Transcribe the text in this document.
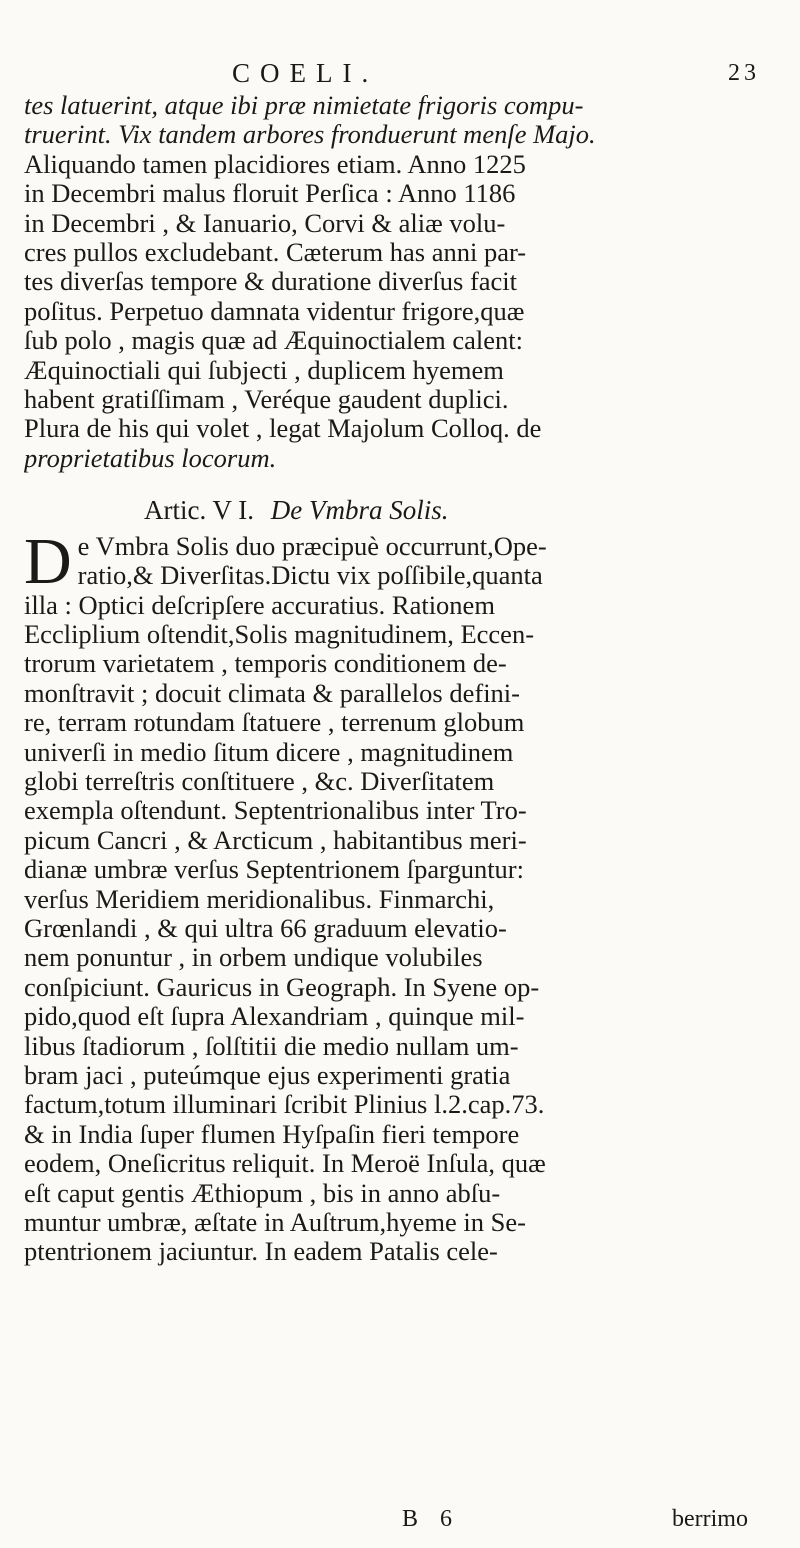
COELI.	23
tes latuerint, atque ibi præ nimietate frigoris compu-
truerint. Vix tandem arbores fronduerunt menſe Majo.
Aliquando tamen placidiores etiam. Anno 1225
in Decembri malus floruit Perſica : Anno 1186
in Decembri , & Ianuario, Corvi & aliæ volu-
cres pullos excludebant. Cæterum has anni par-
tes diverſas tempore & duratione diverſus facit
poſitus. Perpetuo damnata videntur frigore,quæ
ſub polo , magis quæ ad Æquinoctialem calent:
Æquinoctiali qui ſubjecti , duplicem hyemem
habent gratiſſimam , Veréque gaudent duplici.
Plura de his qui volet , legat Majolum Colloq. de
proprietatibus locorum.
Artic. V I. De Vmbra Solis.
D e Vmbra Solis duo præcipuè occurrunt,Ope-
ratio,& Diverſitas.Dictu vix poſſibile,quanta
illa : Optici deſcripſere accuratius. Rationem
Eccliplium oſtendit,Solis magnitudinem, Eccen-
trorum varietatem , temporis conditionem de-
monſtravit ; docuit climata & parallelos defini-
re, terram rotundam ſtatuere , terrenum globum
univerſi in medio ſitum dicere , magnitudinem
globi terreſtris conſtituere , &c. Diverſitatem
exempla oſtendunt. Septentrionalibus inter Tro-
picum Cancri , & Arcticum , habitantibus meri-
dianæ umbræ verſus Septentrionem ſparguntur:
verſus Meridiem meridionalibus. Finmarchi,
Grœnlandi , & qui ultra 66 graduum elevatio-
nem ponuntur , in orbem undique volubiles
conſpiciunt. Gauricus in Geograph. In Syene op-
pido,quod eſt ſupra Alexandriam , quinque mil-
libus ſtadiorum , ſolſtitii die medio nullam um-
bram jaci , puteúmque ejus experimenti gratia
factum,totum illuminari ſcribit Plinius l.2.cap.73.
& in India ſuper flumen Hyſpaſin fieri tempore
eodem, Oneſicritus reliquit. In Meroë Inſula, quæ
eſt caput gentis Æthiopum , bis in anno abſu-
muntur umbræ, æſtate in Auſtrum,hyeme in Se-
ptentrionem jaciuntur. In eadem Patalis cele-
B 6	berrimo
